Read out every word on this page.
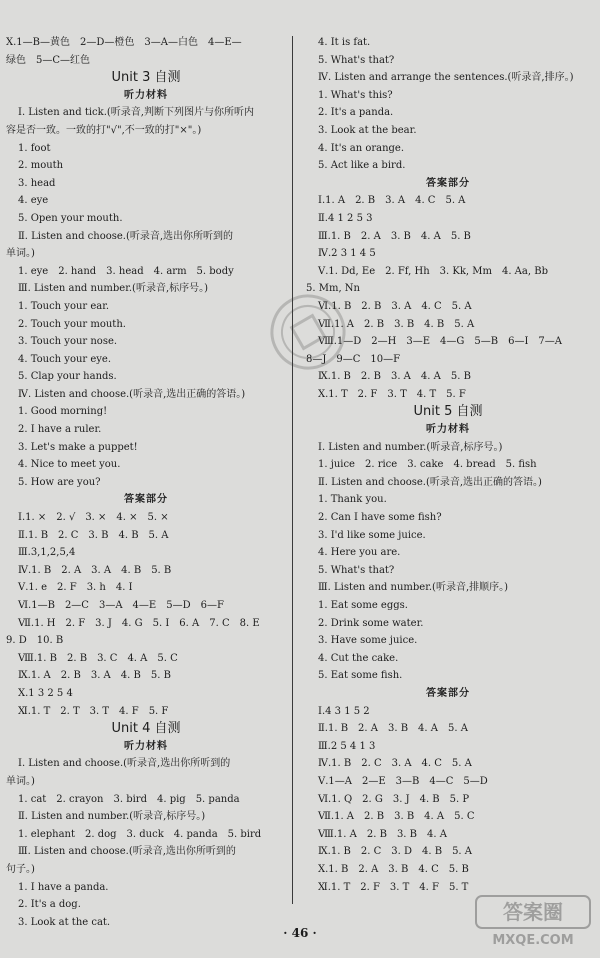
Ⅹ.1—B—黄色　2—D—橙色　3—A—白色　4—E—
绿色　5—C—红色
Unit 3 自测
听力材料
Ⅰ. Listen and tick.(听录音,判断下列图片与你所听内
容是否一致。一致的打"√",不一致的打"×"。)
1. foot
2. mouth
3. head
4. eye
5. Open your mouth.
Ⅱ. Listen and choose.(听录音,选出你所听到的
单词。)
1. eye　2. hand　3. head　4. arm　5. body
Ⅲ. Listen and number.(听录音,标序号。)
1. Touch your ear.
2. Touch your mouth.
3. Touch your nose.
4. Touch your eye.
5. Clap your hands.
Ⅳ. Listen and choose.(听录音,选出正确的答语。)
1. Good morning!
2. I have a ruler.
3. Let's make a puppet!
4. Nice to meet you.
5. How are you?
答案部分
Ⅰ.1. ×　2. √　3. ×　4. ×　5. ×
Ⅱ.1. B　2. C　3. B　4. B　5. A
Ⅲ.3,1,2,5,4
Ⅳ.1. B　2. A　3. A　4. B　5. B
Ⅴ.1. e　2. F　3. h　4. I
Ⅵ.1—B　2—C　3—A　4—E　5—D　6—F
Ⅶ.1. H　2. F　3. J　4. G　5. I　6. A　7. C　8. E
9. D　10. B
Ⅷ.1. B　2. B　3. C　4. A　5. C
Ⅸ.1. A　2. B　3. A　4. B　5. B
Ⅹ.1 3 2 5 4
Ⅺ.1. T　2. T　3. T　4. F　5. F
Unit 4 自测
听力材料
Ⅰ. Listen and choose.(听录音,选出你所听到的
单词。)
1. cat　2. crayon　3. bird　4. pig　5. panda
Ⅱ. Listen and number.(听录音,标序号。)
1. elephant　2. dog　3. duck　4. panda　5. bird
Ⅲ. Listen and choose.(听录音,选出你所听到的
句子。)
1. I have a panda.
2. It's a dog.
3. Look at the cat.
4. It is fat.
5. What's that?
Ⅳ. Listen and arrange the sentences.(听录音,排序。)
1. What's this?
2. It's a panda.
3. Look at the bear.
4. It's an orange.
5. Act like a bird.
答案部分
Ⅰ.1. A　2. B　3. A　4. C　5. A
Ⅱ.4 1 2 5 3
Ⅲ.1. B　2. A　3. B　4. A　5. B
Ⅳ.2 3 1 4 5
Ⅴ.1. Dd, Ee　2. Ff, Hh　3. Kk, Mm　4. Aa, Bb
5. Mm, Nn
Ⅵ.1. B　2. B　3. A　4. C　5. A
Ⅶ.1. A　2. B　3. B　4. B　5. A
Ⅷ.1—D　2—H　3—E　4—G　5—B　6—I　7—A
8—J　9—C　10—F
Ⅸ.1. B　2. B　3. A　4. A　5. B
Ⅹ.1. T　2. F　3. T　4. T　5. F
Unit 5 自测
听力材料
Ⅰ. Listen and number.(听录音,标序号。)
1. juice　2. rice　3. cake　4. bread　5. fish
Ⅱ. Listen and choose.(听录音,选出正确的答语。)
1. Thank you.
2. Can I have some fish?
3. I'd like some juice.
4. Here you are.
5. What's that?
Ⅲ. Listen and number.(听录音,排顺序。)
1. Eat some eggs.
2. Drink some water.
3. Have some juice.
4. Cut the cake.
5. Eat some fish.
答案部分
Ⅰ.4 3 1 5 2
Ⅱ.1. B　2. A　3. B　4. A　5. A
Ⅲ.2 5 4 1 3
Ⅳ.1. B　2. C　3. A　4. C　5. A
Ⅴ.1—A　2—E　3—B　4—C　5—D
Ⅵ.1. Q　2. G　3. J　4. B　5. P
Ⅶ.1. A　2. B　3. B　4. A　5. C
Ⅷ.1. A　2. B　3. B　4. A
Ⅸ.1. B　2. C　3. D　4. B　5. A
Ⅹ.1. B　2. A　3. B　4. C　5. B
Ⅺ.1. T　2. F　3. T　4. F　5. T
· 46 ·
答案圈
MXQE.COM
